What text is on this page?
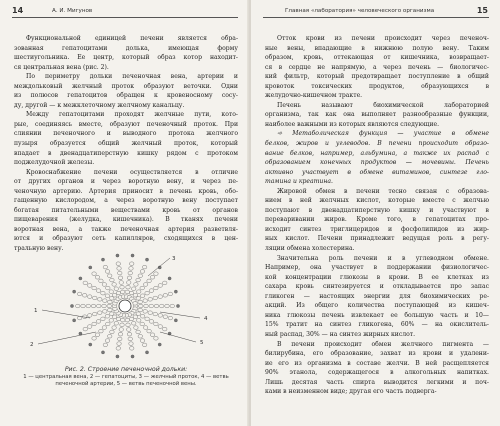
14	А. И. Мигунов
Функциональной единицей печени является обра-
зованная гепатоцитами долька, имеющая форму
шестиугольника. Ее центр, который образ котор находит-
ся центральная вена (рис. 2).
По периметру дольки печеночная вена, артерии и
междольковый желчный проток образуют веточки. Одни
из полюсов гепатоцитов обращен к кровеносному сосу-
ду, другой — к межклеточному желчному канальцу.
Между гепатоцитами проходят желчные пути, кото-
рые, соединяясь вместе, образуют печеночный проток. При
слиянии печеночного и выводного протока желчного
пузыря образуется общий желчный проток, который
впадает в двенадцатиперстную кишку рядом с протоком
поджелудочной железы.
Кровоснабжение печени осуществляется в отличие
от других органов и через воротную вену, и через пе-
ченочную артерию. Артерия приносит в печень кровь, обо-
гащенную кислородом, а через воротную вену поступает
богатая питательными веществами кровь от органов
пищеварения (желудка, кишечника). В тканях печени
воротная вена, а также печеночная артерия разветвля-
ются и образуют сеть капилляров, сходящихся в цен-
тральную вену.
1
2
3
4
5
Рис. 2. Строение печеночной дольки:
1 — центральная вена, 2 — гепатоциты, 3 — желчный проток, 4 — ветвь
печеночной артерии, 5 — ветвь печеночной вены.
Главная «лаборатория» человеческого организма	15
Отток крови из печени происходит через печеноч-
ные вены, впадающие в нижнюю полую вену. Таким
образом, кровь, оттекающая от кишечника, возвращает-
ся в сердце не напрямую, а через печень — биологичес-
кий фильтр, который предотвращает поступление в общий
кровоток токсических продуктов, образующихся в
желудочно-кишечном тракте.
Печень называют биохимической лабораторией
организма, так как она выполняет разнообразные функции,
наиболее важными из которых являются следующие.
➾ Метаболическая функция — участие в обмене
белков, жиров и углеводов. В печени происходит образо-
вание белков, например, альбумина, а также их распад с
образованием конечных продуктов — мочевины. Печень
активно участвует в обмене витаминов, синтезе гло-
тамина и креатина.
Жировой обмен в печени тесно связан с образова-
нием в ней желчных кислот, которые вместе с желчью
поступают в двенадцатиперстную кишку и участвуют в
переваривании жиров. Кроме того, в гепатоцитах про-
исходит синтез триглицеридов и фосфолипидов из жир-
ных кислот. Печени принадлежит ведущая роль в регу-
ляции обмена холестерина.
Значительна роль печени и в углеводном обмене.
Например, она участвует в поддержании физиологичес-
кой концентрации глюкозы в крови. В ее клетках из
сахара кровь синтезируется и откладывается про запас
гликоген — настоящих энергии для биохимических ре-
акций. Из общего количества поступающей из кишеч-
ника глюкозы печень извлекает ее большую часть и 10—
15% тратит на синтез гликогена, 60% — на окислитель-
ный распад, 30% — на синтез жирных кислот.
В печени происходит обмен желчного пигмента —
билирубина, его образование, захват из крови и удалени-
ие его из организма в составе желчи. В ней расщепляется
90% этанола, содержащегося в алкогольных напитках.
Лишь десятая часть спирта выводится легкими и поч-
ками в неизменном виде; другая его часть подверга-
